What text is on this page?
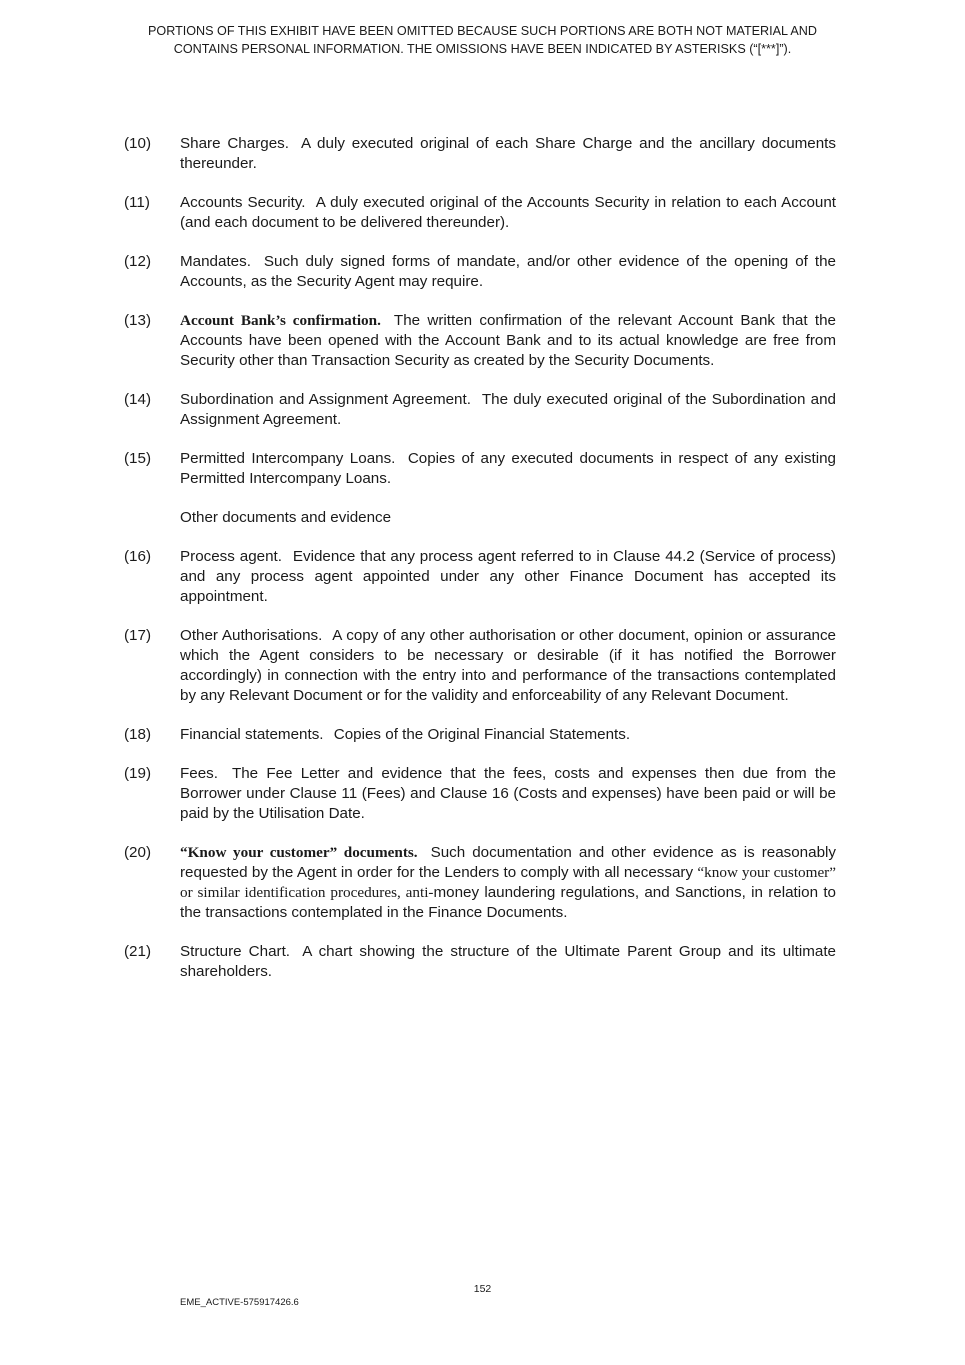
PORTIONS OF THIS EXHIBIT HAVE BEEN OMITTED BECAUSE SUCH PORTIONS ARE BOTH NOT MATERIAL AND
CONTAINS PERSONAL INFORMATION. THE OMISSIONS HAVE BEEN INDICATED BY ASTERISKS (“[***]”).
(10) Share Charges. A duly executed original of each Share Charge and the ancillary documents thereunder.
(11) Accounts Security. A duly executed original of the Accounts Security in relation to each Account (and each document to be delivered thereunder).
(12) Mandates. Such duly signed forms of mandate, and/or other evidence of the opening of the Accounts, as the Security Agent may require.
(13) Account Bank’s confirmation. The written confirmation of the relevant Account Bank that the Accounts have been opened with the Account Bank and to its actual knowledge are free from Security other than Transaction Security as created by the Security Documents.
(14) Subordination and Assignment Agreement. The duly executed original of the Subordination and Assignment Agreement.
(15) Permitted Intercompany Loans. Copies of any executed documents in respect of any existing Permitted Intercompany Loans.
Other documents and evidence
(16) Process agent. Evidence that any process agent referred to in Clause 44.2 (Service of process) and any process agent appointed under any other Finance Document has accepted its appointment.
(17) Other Authorisations. A copy of any other authorisation or other document, opinion or assurance which the Agent considers to be necessary or desirable (if it has notified the Borrower accordingly) in connection with the entry into and performance of the transactions contemplated by any Relevant Document or for the validity and enforceability of any Relevant Document.
(18) Financial statements. Copies of the Original Financial Statements.
(19) Fees. The Fee Letter and evidence that the fees, costs and expenses then due from the Borrower under Clause 11 (Fees) and Clause 16 (Costs and expenses) have been paid or will be paid by the Utilisation Date.
(20) “Know your customer” documents. Such documentation and other evidence as is reasonably requested by the Agent in order for the Lenders to comply with all necessary “know your customer” or similar identification procedures, anti-money laundering regulations, and Sanctions, in relation to the transactions contemplated in the Finance Documents.
(21) Structure Chart. A chart showing the structure of the Ultimate Parent Group and its ultimate shareholders.
152
EME_ACTIVE-575917426.6
